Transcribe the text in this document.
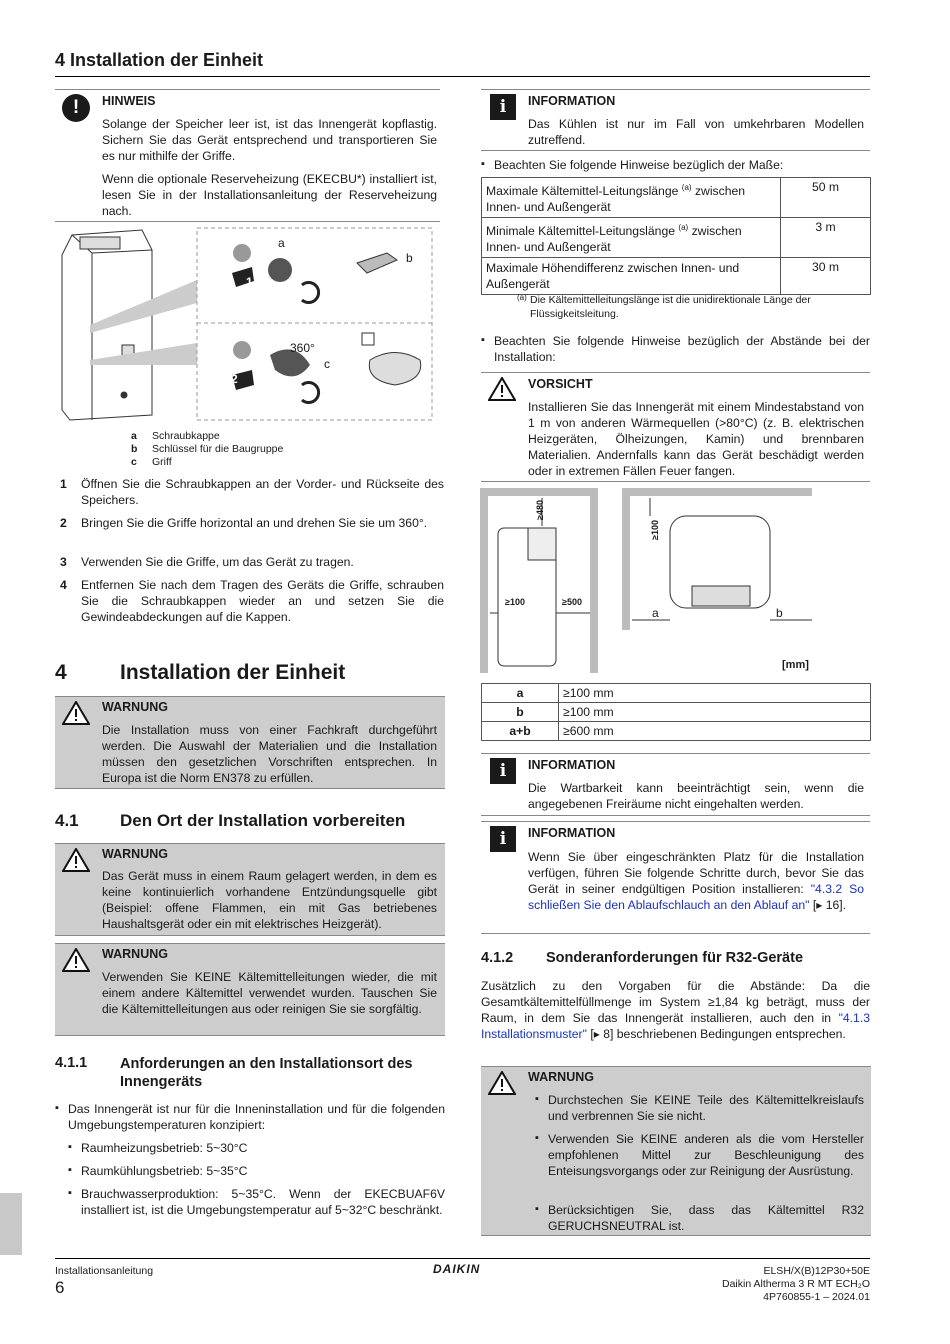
4 Installation der Einheit
!	HINWEIS
Solange der Speicher leer ist, ist das Innengerät kopflastig. Sichern Sie das Gerät entsprechend und transportieren Sie es nur mithilfe der Griffe.
Wenn die optionale Reserveheizung (EKECBU*) installiert ist, lesen Sie in der Installationsanleitung der Reserveheizung nach.
a
b
c
1
2
360°
a Schraubkappe
b Schlüssel für die Baugruppe
c Griff
1 Öffnen Sie die Schraubkappen an der Vorder- und Rückseite des Speichers.
2 Bringen Sie die Griffe horizontal an und drehen Sie sie um 360°.
3 Verwenden Sie die Griffe, um das Gerät zu tragen.
4 Entfernen Sie nach dem Tragen des Geräts die Griffe, schrauben Sie die Schraubkappen wieder an und setzen Sie die Gewindeabdeckungen auf die Kappen.
4	Installation der Einheit
WARNUNG
Die Installation muss von einer Fachkraft durchgeführt werden. Die Auswahl der Materialien und die Installation müssen den gesetzlichen Vorschriften entsprechen. In Europa ist die Norm EN378 zu erfüllen.
4.1 Den Ort der Installation vorbereiten
WARNUNG
Das Gerät muss in einem Raum gelagert werden, in dem es keine kontinuierlich vorhandene Entzündungsquelle gibt (Beispiel: offene Flammen, ein mit Gas betriebenes Haushaltsgerät oder ein mit elektrisches Heizgerät).
WARNUNG
Verwenden Sie KEINE Kältemittelleitungen wieder, die mit einem andere Kältemittel verwendet wurden. Tauschen Sie die Kältemittelleitungen aus oder reinigen Sie sie sorgfältig.
4.1.1 Anforderungen an den Installationsort des Innengeräts
▪ Das Innengerät ist nur für die Inneninstallation und für die folgenden Umgebungstemperaturen konzipiert:
▪ Raumheizungsbetrieb: 5~30°C
▪ Raumkühlungsbetrieb: 5~35°C
▪ Brauchwasserproduktion: 5~35°C. Wenn der EKECBUAF6V installiert ist, ist die Umgebungstemperatur auf 5~32°C beschränkt.
i	INFORMATION
Das Kühlen ist nur im Fall von umkehrbaren Modellen zutreffend.
▪ Beachten Sie folgende Hinweise bezüglich der Maße:
Maximale Kältemittel-Leitungslänge $^{(a)}$ zwischen
Innen- und Außengerät	50 m
Minimale Kältemittel-Leitungslänge $^{(a)}$ zwischen
Innen- und Außengerät	3 m
Maximale Höhendifferenz zwischen Innen- und
Außengerät	30 m
(a) Die Kältemittelleitungslänge ist die unidirektionale Länge der Flüssigkeitsleitung.
▪ Beachten Sie folgende Hinweise bezüglich der Abstände bei der Installation:
VORSICHT
Installieren Sie das Innengerät mit einem Mindestabstand von 1 m von anderen Wärmequellen (>80°C) (z. B. elektrischen Heizgeräten, Ölheizungen, Kamin) und brennbaren Materialien. Andernfalls kann das Gerät beschädigt werden oder in extremen Fällen Feuer fangen.
≥480
≥100	≥500
≥100
a	b
[mm]
a	≥100 mm
b	≥100 mm
a+b	≥600 mm
i	INFORMATION
Die Wartbarkeit kann beeinträchtigt sein, wenn die angegebenen Freiräume nicht eingehalten werden.
i	INFORMATION
Wenn Sie über eingeschränkten Platz für die Installation verfügen, führen Sie folgende Schritte durch, bevor Sie das Gerät in seiner endgültigen Position installieren: "4.3.2 So schließen Sie den Ablaufschlauch an den Ablauf an" [▸ 16].
4.1.2 Sonderanforderungen für R32-Geräte
Zusätzlich zu den Vorgaben für die Abstände: Da die Gesamtkältemittelfüllmenge im System ≥1,84 kg beträgt, muss der Raum, in dem Sie das Innengerät installieren, auch den in "4.1.3 Installationsmuster" [▸ 8] beschriebenen Bedingungen entsprechen.
WARNUNG
▪ Durchstechen Sie KEINE Teile des Kältemittelkreislaufs und verbrennen Sie sie nicht.
▪ Verwenden Sie KEINE anderen als die vom Hersteller empfohlenen Mittel zur Beschleunigung des Enteisungsvorgangs oder zur Reinigung der Ausrüstung.
▪ Berücksichtigen Sie, dass das Kältemittel R32 GERUCHSNEUTRAL ist.
Installationsanleitung
6
DAIKIN	ELSH/X(B)12P30+50E
Daikin Altherma 3 R MT ECH₂O
4P760855-1 – 2024.01
